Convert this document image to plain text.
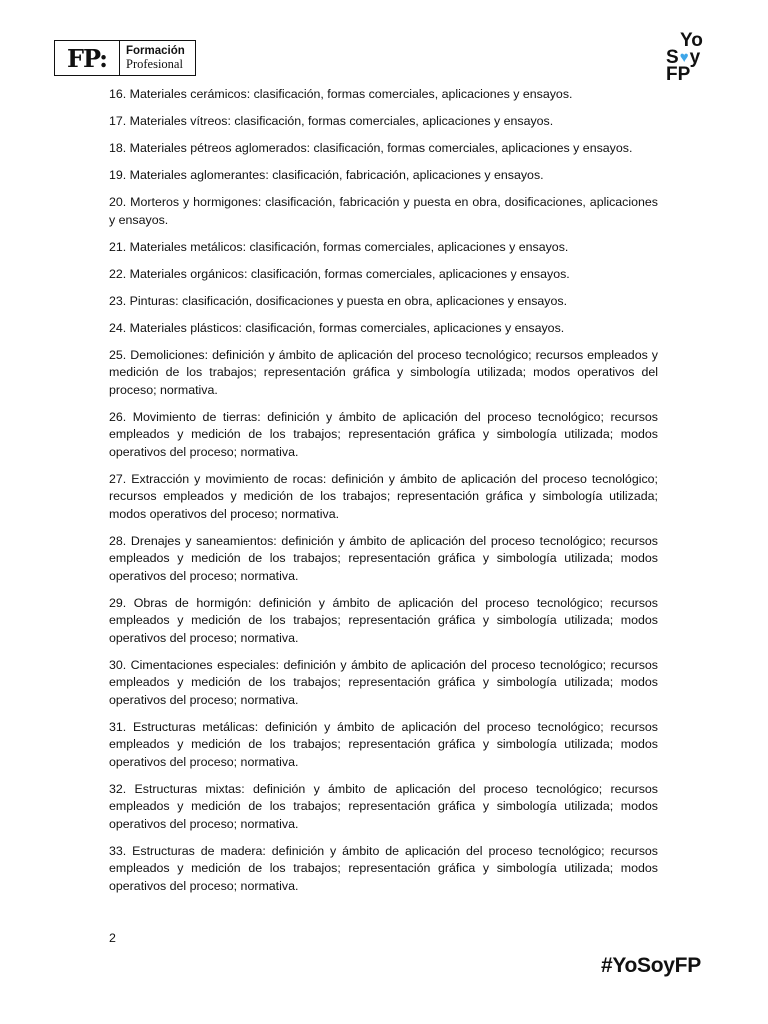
FP:	Formación
Profesional
Yo
S♥y
FP

16. Materiales cerámicos: clasificación, formas comerciales, aplicaciones y ensayos.

17. Materiales vítreos: clasificación, formas comerciales, aplicaciones y ensayos.

18. Materiales pétreos aglomerados: clasificación, formas comerciales, aplicaciones y ensayos.

19. Materiales aglomerantes: clasificación, fabricación, aplicaciones y ensayos.

20. Morteros y hormigones: clasificación, fabricación y puesta en obra, dosificaciones, aplicaciones y ensayos.

21. Materiales metálicos: clasificación, formas comerciales, aplicaciones y ensayos.

22. Materiales orgánicos: clasificación, formas comerciales, aplicaciones y ensayos.

23. Pinturas: clasificación, dosificaciones y puesta en obra, aplicaciones y ensayos.

24. Materiales plásticos: clasificación, formas comerciales, aplicaciones y ensayos.

25. Demoliciones: definición y ámbito de aplicación del proceso tecnológico; recursos empleados y medición de los trabajos; representación gráfica y simbología utilizada; modos operativos del proceso; normativa.

26. Movimiento de tierras: definición y ámbito de aplicación del proceso tecnológico; recursos empleados y medición de los trabajos; representación gráfica y simbología utilizada; modos operativos del proceso; normativa.

27. Extracción y movimiento de rocas: definición y ámbito de aplicación del proceso tecnológico; recursos empleados y medición de los trabajos; representación gráfica y simbología utilizada; modos operativos del proceso; normativa.

28. Drenajes y saneamientos: definición y ámbito de aplicación del proceso tecnológico; recursos empleados y medición de los trabajos; representación gráfica y simbología utilizada; modos operativos del proceso; normativa.

29. Obras de hormigón: definición y ámbito de aplicación del proceso tecnológico; recursos empleados y medición de los trabajos; representación gráfica y simbología utilizada; modos operativos del proceso; normativa.

30. Cimentaciones especiales: definición y ámbito de aplicación del proceso tecnológico; recursos empleados y medición de los trabajos; representación gráfica y simbología utilizada; modos operativos del proceso; normativa.

31. Estructuras metálicas: definición y ámbito de aplicación del proceso tecnológico; recursos empleados y medición de los trabajos; representación gráfica y simbología utilizada; modos operativos del proceso; normativa.

32. Estructuras mixtas: definición y ámbito de aplicación del proceso tecnológico; recursos empleados y medición de los trabajos; representación gráfica y simbología utilizada; modos operativos del proceso; normativa.

33. Estructuras de madera: definición y ámbito de aplicación del proceso tecnológico; recursos empleados y medición de los trabajos; representación gráfica y simbología utilizada; modos operativos del proceso; normativa.

2
#YoSoyFP
